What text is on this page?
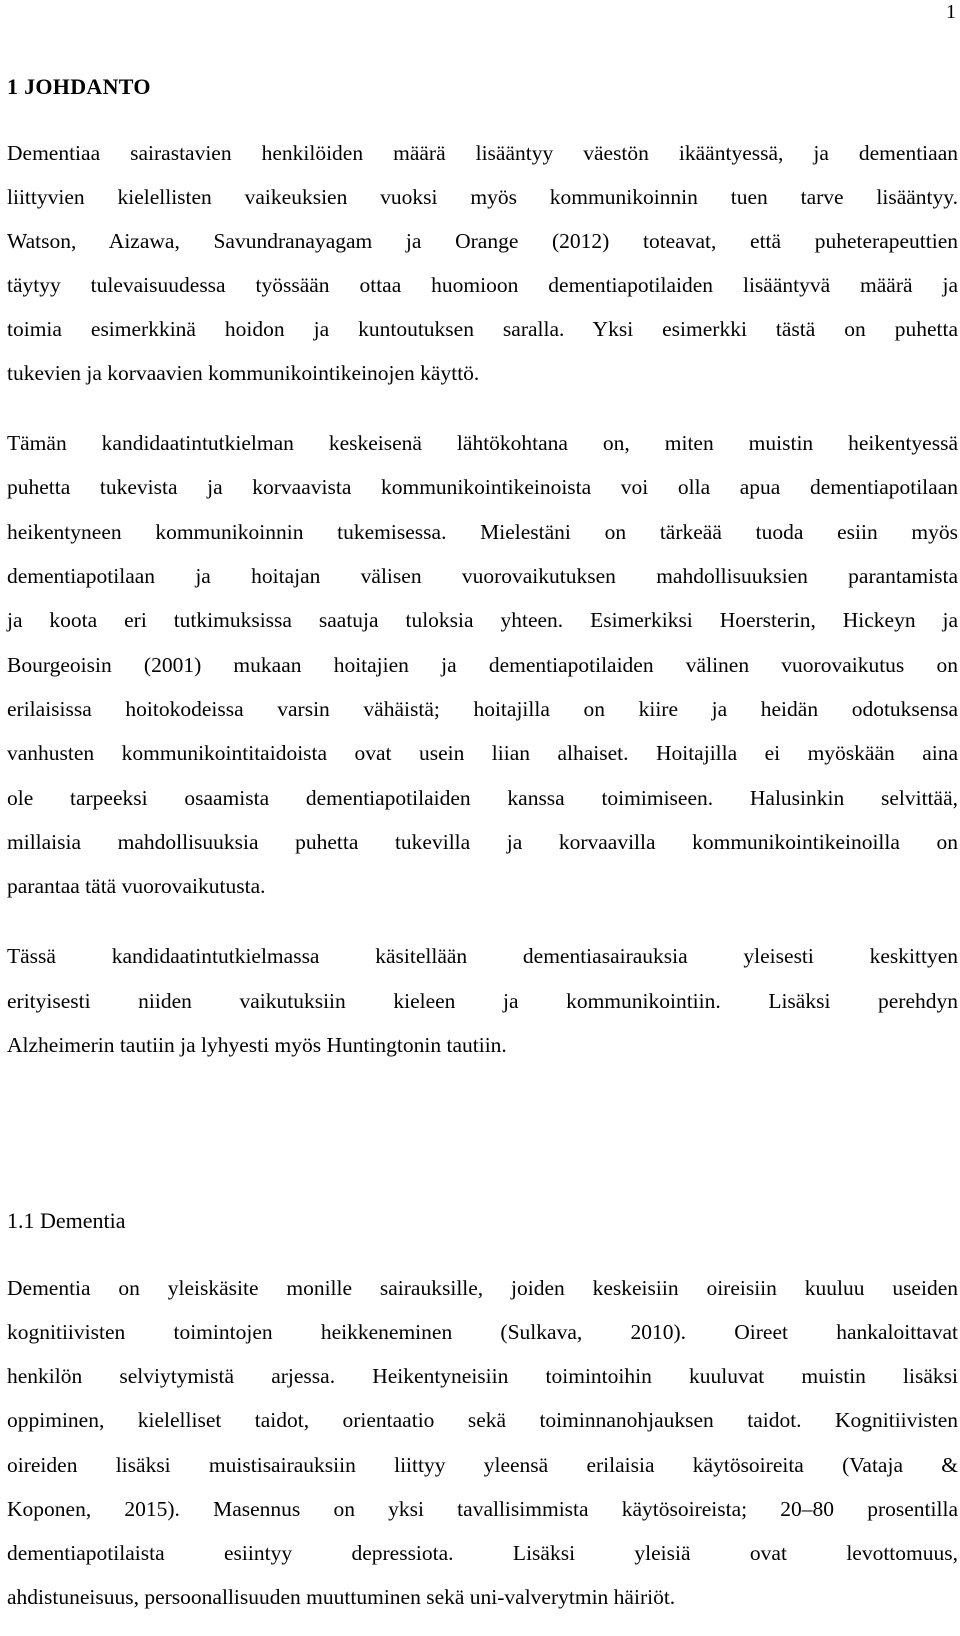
1
1 JOHDANTO
Dementiaa sairastavien henkilöiden määrä lisääntyy väestön ikääntyessä, ja dementiaan
liittyvien kielellisten vaikeuksien vuoksi myös kommunikoinnin tuen tarve lisääntyy.
Watson, Aizawa, Savundranayagam ja Orange (2012) toteavat, että puheterapeuttien
täytyy tulevaisuudessa työssään ottaa huomioon dementiapotilaiden lisääntyvä määrä ja
toimia esimerkkinä hoidon ja kuntoutuksen saralla. Yksi esimerkki tästä on puhetta
tukevien ja korvaavien kommunikointikeinojen käyttö.
Tämän kandidaatintutkielman keskeisenä lähtökohtana on, miten muistin heikentyessä
puhetta tukevista ja korvaavista kommunikointikeinoista voi olla apua dementiapotilaan
heikentyneen kommunikoinnin tukemisessa. Mielestäni on tärkeää tuoda esiin myös
dementiapotilaan ja hoitajan välisen vuorovaikutuksen mahdollisuuksien parantamista
ja koota eri tutkimuksissa saatuja tuloksia yhteen. Esimerkiksi Hoersterin, Hickeyn ja
Bourgeoisin (2001) mukaan hoitajien ja dementiapotilaiden välinen vuorovaikutus on
erilaisissa hoitokodeissa varsin vähäistä; hoitajilla on kiire ja heidän odotuksensa
vanhusten kommunikointitaidoista ovat usein liian alhaiset. Hoitajilla ei myöskään aina
ole tarpeeksi osaamista dementiapotilaiden kanssa toimimiseen. Halusinkin selvittää,
millaisia mahdollisuuksia puhetta tukevilla ja korvaavilla kommunikointikeinoilla on
parantaa tätä vuorovaikutusta.
Tässä kandidaatintutkielmassa käsitellään dementiasairauksia yleisesti keskittyen
erityisesti niiden vaikutuksiin kieleen ja kommunikointiin. Lisäksi perehdyn
Alzheimerin tautiin ja lyhyesti myös Huntingtonin tautiin.
1.1 Dementia
Dementia on yleiskäsite monille sairauksille, joiden keskeisiin oireisiin kuuluu useiden
kognitiivisten toimintojen heikkeneminen (Sulkava, 2010). Oireet hankaloittavat
henkilön selviytymistä arjessa. Heikentyneisiin toimintoihin kuuluvat muistin lisäksi
oppiminen, kielelliset taidot, orientaatio sekä toiminnanohjauksen taidot. Kognitiivisten
oireiden lisäksi muistisairauksiin liittyy yleensä erilaisia käytösoireita (Vataja &
Koponen, 2015). Masennus on yksi tavallisimmista käytösoireista; 20–80 prosentilla
dementiapotilaista esiintyy depressiota. Lisäksi yleisiä ovat levottomuus,
ahdistuneisuus, persoonallisuuden muuttuminen sekä uni-valverytmin häiriöt.
